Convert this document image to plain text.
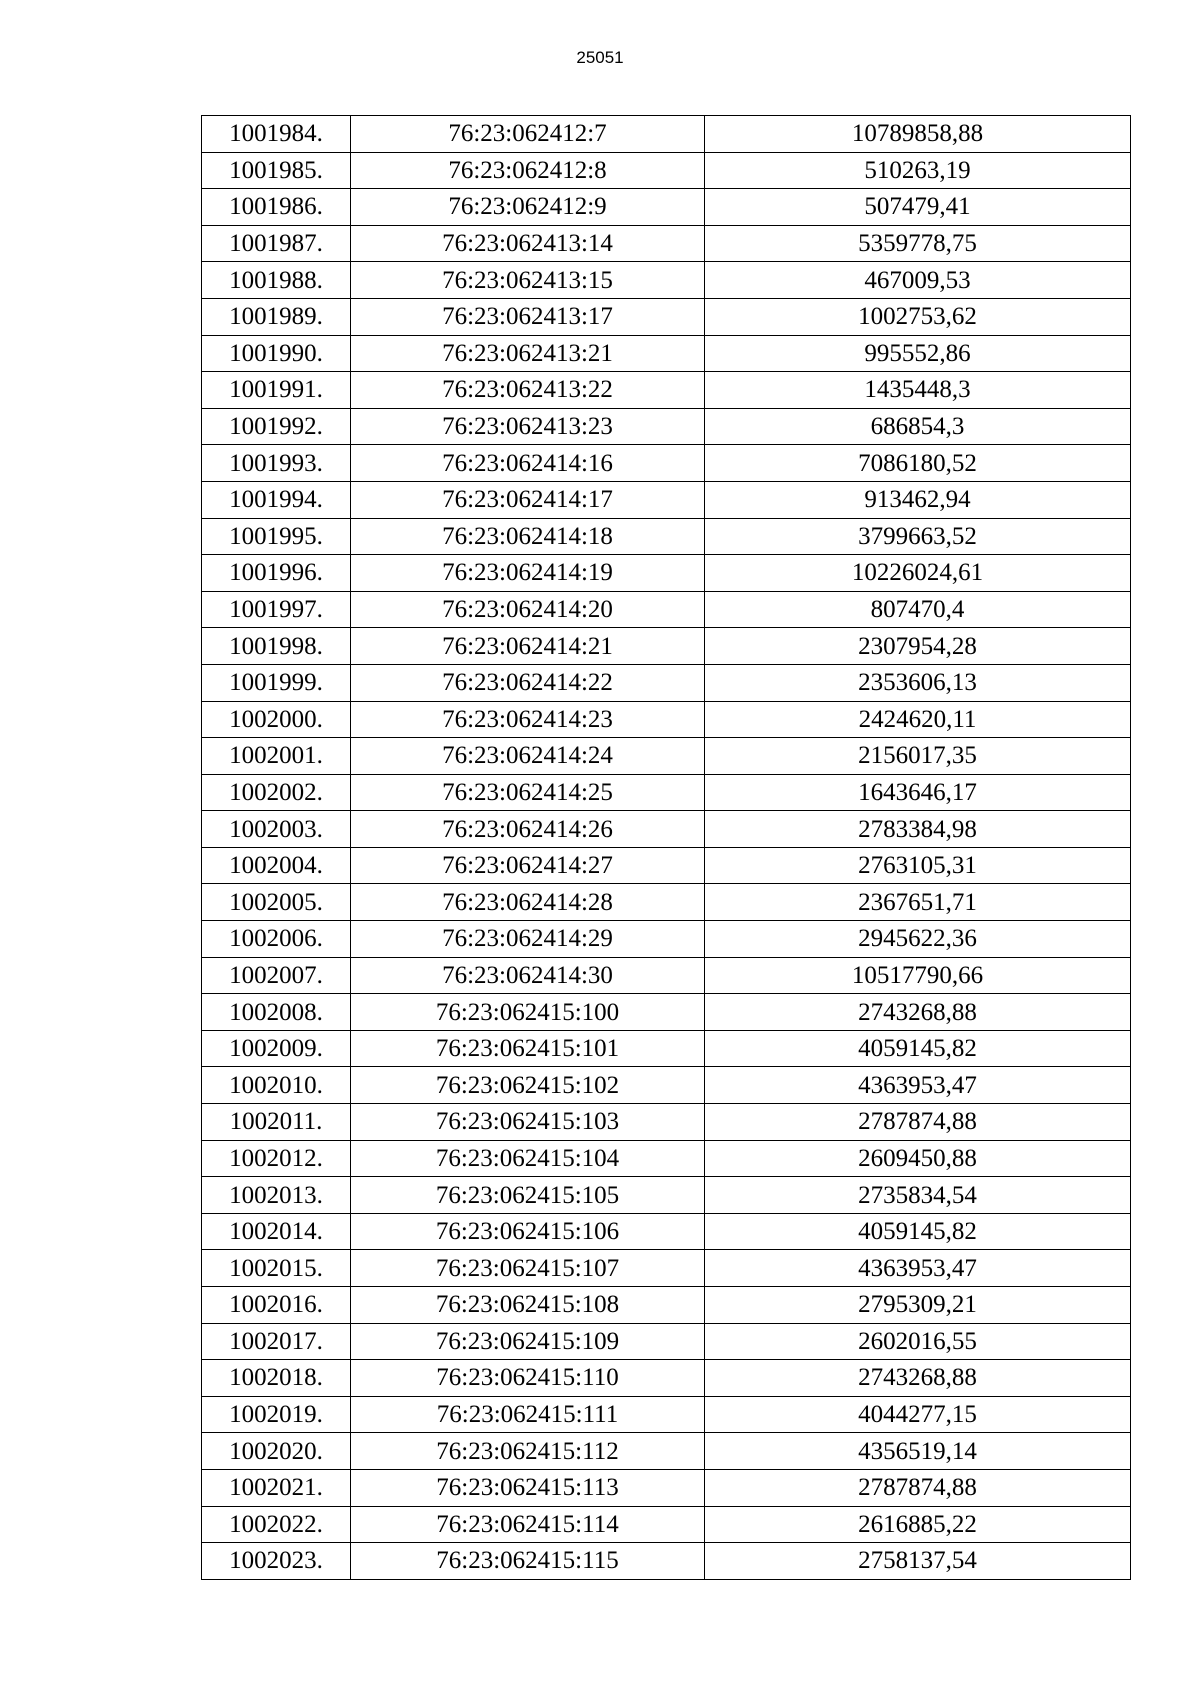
25051
1001984.	76:23:062412:7	10789858,88
1001985.	76:23:062412:8	510263,19
1001986.	76:23:062412:9	507479,41
1001987.	76:23:062413:14	5359778,75
1001988.	76:23:062413:15	467009,53
1001989.	76:23:062413:17	1002753,62
1001990.	76:23:062413:21	995552,86
1001991.	76:23:062413:22	1435448,3
1001992.	76:23:062413:23	686854,3
1001993.	76:23:062414:16	7086180,52
1001994.	76:23:062414:17	913462,94
1001995.	76:23:062414:18	3799663,52
1001996.	76:23:062414:19	10226024,61
1001997.	76:23:062414:20	807470,4
1001998.	76:23:062414:21	2307954,28
1001999.	76:23:062414:22	2353606,13
1002000.	76:23:062414:23	2424620,11
1002001.	76:23:062414:24	2156017,35
1002002.	76:23:062414:25	1643646,17
1002003.	76:23:062414:26	2783384,98
1002004.	76:23:062414:27	2763105,31
1002005.	76:23:062414:28	2367651,71
1002006.	76:23:062414:29	2945622,36
1002007.	76:23:062414:30	10517790,66
1002008.	76:23:062415:100	2743268,88
1002009.	76:23:062415:101	4059145,82
1002010.	76:23:062415:102	4363953,47
1002011.	76:23:062415:103	2787874,88
1002012.	76:23:062415:104	2609450,88
1002013.	76:23:062415:105	2735834,54
1002014.	76:23:062415:106	4059145,82
1002015.	76:23:062415:107	4363953,47
1002016.	76:23:062415:108	2795309,21
1002017.	76:23:062415:109	2602016,55
1002018.	76:23:062415:110	2743268,88
1002019.	76:23:062415:111	4044277,15
1002020.	76:23:062415:112	4356519,14
1002021.	76:23:062415:113	2787874,88
1002022.	76:23:062415:114	2616885,22
1002023.	76:23:062415:115	2758137,54
